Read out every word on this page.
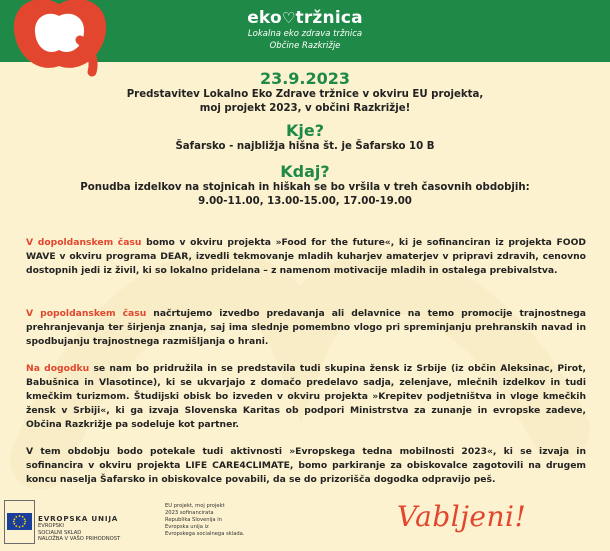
eko♡tržnica
Lokalna eko zdrava tržnica
Občine Razkrižje
23.9.2023
Predstavitev Lokalno Eko Zdrave tržnice v okviru EU projekta,
moj projekt 2023, v občini Razkrižje!
Kje?
Šafarsko - najbližja hišna št. je Šafarsko 10 B
Kdaj?
Ponudba izdelkov na stojnicah in hiškah se bo vršila v treh časovnih obdobjih:
9.00-11.00, 13.00-15.00, 17.00-19.00
V dopoldanskem času bomo v okviru projekta »Food for the future«, ki je sofinanciran iz projekta FOOD WAVE v okviru programa DEAR, izvedli tekmovanje mladih kuharjev amaterjev v pripravi zdravih, cenovno dostopnih jedi iz živil, ki so lokalno pridelana – z namenom motivacije mladih in ostalega prebivalstva.
V popoldanskem času načrtujemo izvedbo predavanja ali delavnice na temo promocije trajnostnega prehranjevanja ter širjenja znanja, saj ima slednje pomembno vlogo pri spreminjanju prehranskih navad in spodbujanju trajnostnega razmišljanja o hrani.
Na dogodku se nam bo pridružila in se predstavila tudi skupina žensk iz Srbije (iz občin Aleksinac, Pirot, Babušnica in Vlasotince), ki se ukvarjajo z domačo predelavo sadja, zelenjave, mlečnih izdelkov in tudi kmečkim turizmom. Študijski obisk bo izveden v okviru projekta »Krepitev podjetništva in vloge kmečkih žensk v Srbiji«, ki ga izvaja Slovenska Karitas ob podpori Ministrstva za zunanje in evropske zadeve, Občina Razkrižje pa sodeluje kot partner.
V tem obdobju bodo potekale tudi aktivnosti »Evropskega tedna mobilnosti 2023«, ki se izvaja in sofinancira v okviru projekta LIFE CARE4CLIMATE, bomo parkiranje za obiskovalce zagotovili na drugem koncu naselja Šafarsko in obiskovalce povabili, da se do prizorišča dogodka odpravijo peš.
EVROPSKA UNIJA
EVROPSKI
SOCIALNI SKLAD
NALOŽBA V VAŠO PRIHODNOST
EU projekt, moj projekt
2023 sofinancirata
Republika Slovenija in
Evropska unija iz
Evropskega socialnega sklada.
Vabljeni!
